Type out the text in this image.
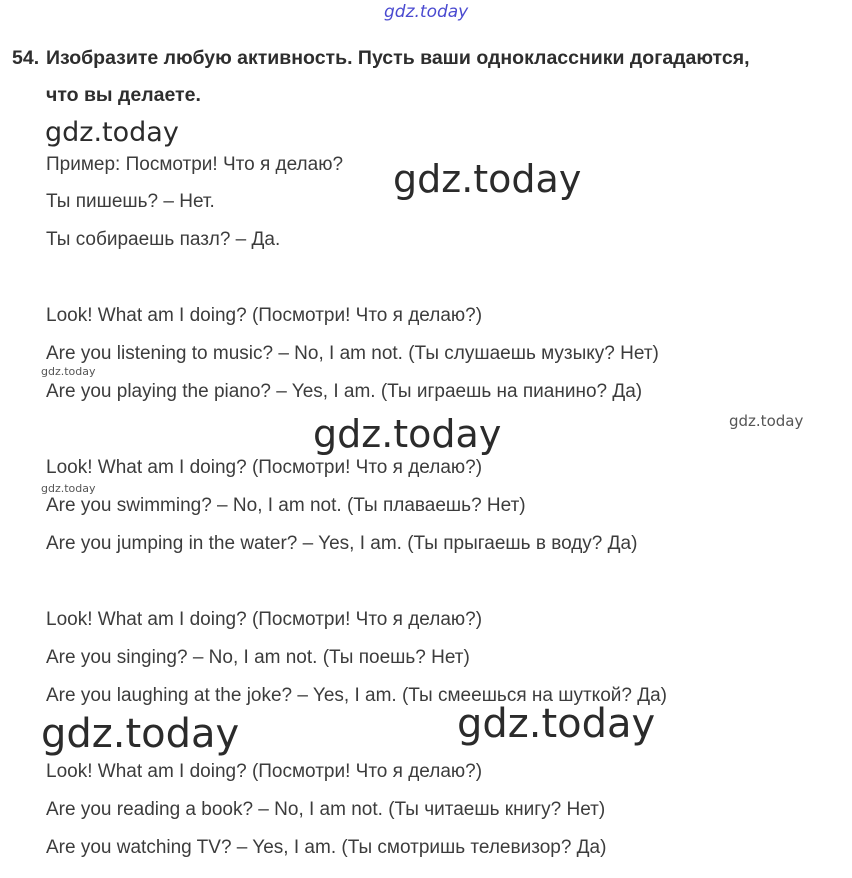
gdz.today
54. Изобразите любую активность. Пусть ваши одноклассники догадаются,
что вы делаете.
gdz.today
gdz.today
Пример: Посмотри! Что я делаю?
Ты пишешь? – Нет.
Ты собираешь пазл? – Да.
Look! What am I doing? (Посмотри! Что я делаю?)
Are you listening to music? – No, I am not. (Ты слушаешь музыку? Нет)
gdz.today
Are you playing the piano? – Yes, I am. (Ты играешь на пианино? Да)
gdz.today
gdz.today
Look! What am I doing? (Посмотри! Что я делаю?)
gdz.today
Are you swimming? – No, I am not. (Ты плаваешь? Нет)
Are you jumping in the water? – Yes, I am. (Ты прыгаешь в воду? Да)
Look! What am I doing? (Посмотри! Что я делаю?)
Are you singing? – No, I am not. (Ты поешь? Нет)
Are you laughing at the joke? – Yes, I am. (Ты смеешься на шуткой? Да)
gdz.today	gdz.today
Look! What am I doing? (Посмотри! Что я делаю?)
Are you reading a book? – No, I am not. (Ты читаешь книгу? Нет)
Are you watching TV? – Yes, I am. (Ты смотришь телевизор? Да)
